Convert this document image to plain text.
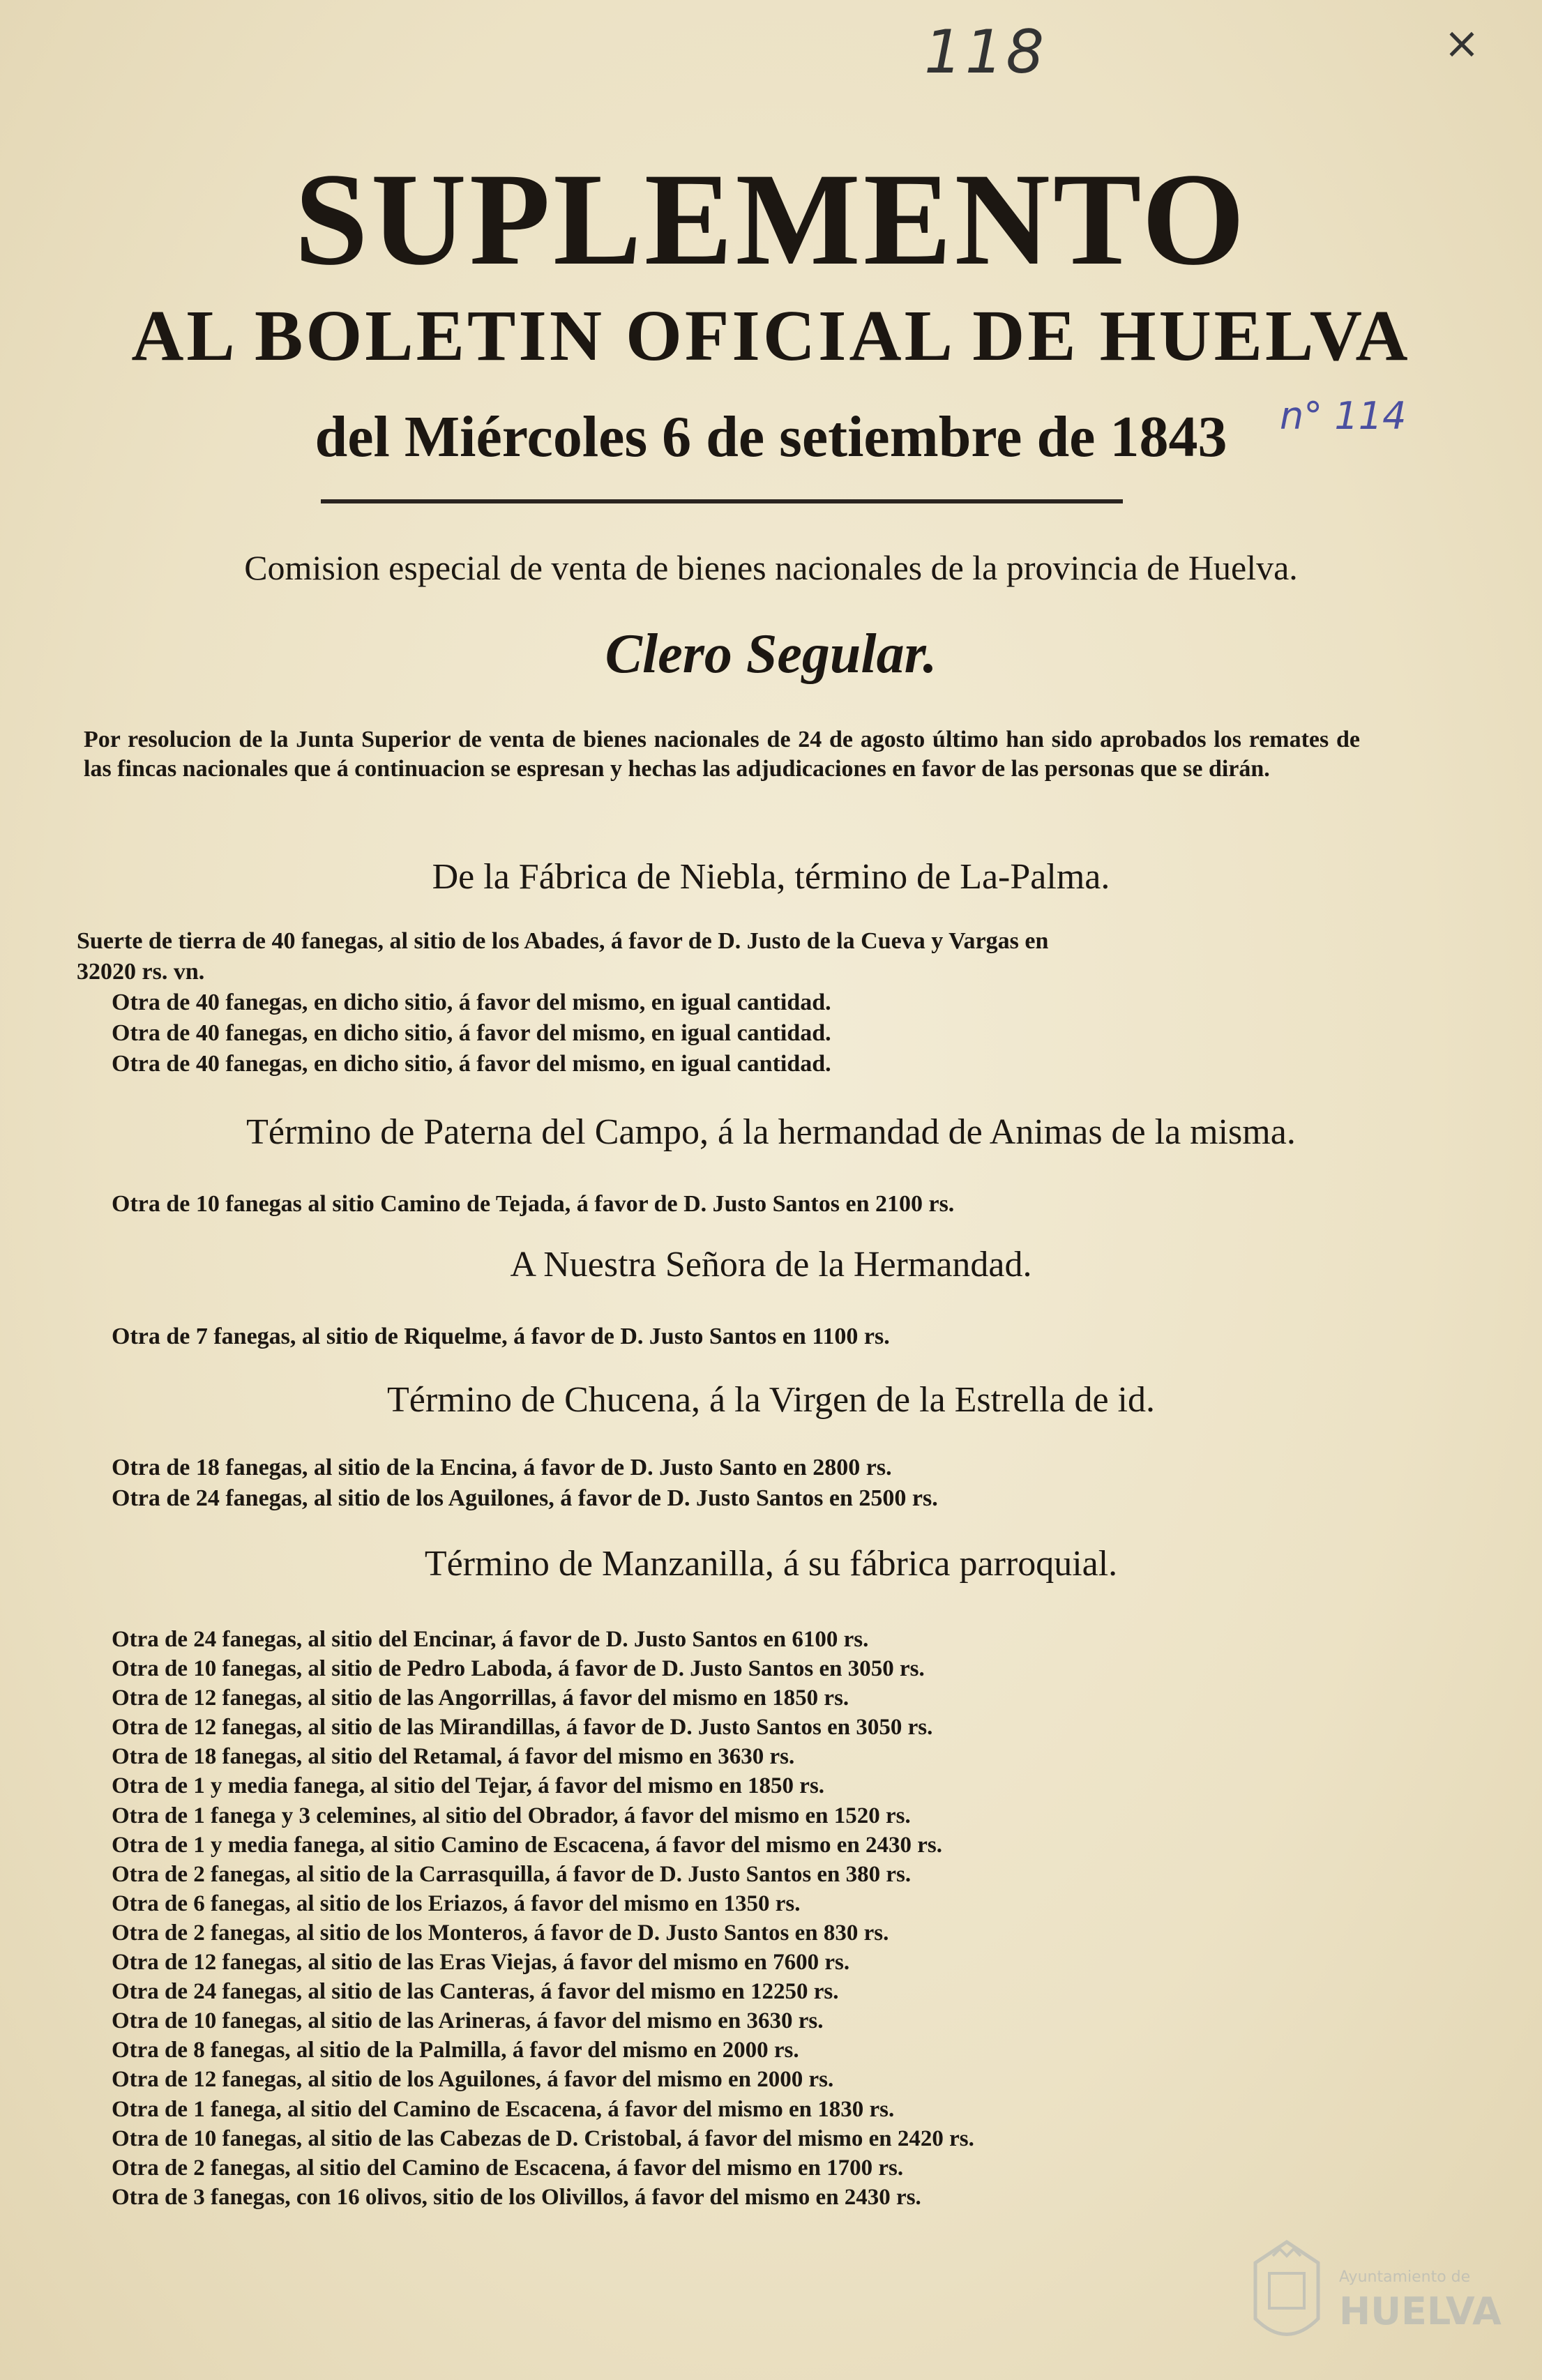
118	×
n° 114
SUPLEMENTO
AL BOLETIN OFICIAL DE HUELVA
del Miércoles 6 de setiembre de 1843
Comision especial de venta de bienes nacionales de la provincia de Huelva.
Clero Segular.
Por resolucion de la Junta Superior de venta de bienes nacionales de 24 de agosto último han sido aprobados los remates de las fincas nacionales que á continuacion se espresan y hechas las adjudicaciones en favor de las personas que se dirán.
De la Fábrica de Niebla, término de La-Palma.

Suerte de tierra de 40 fanegas, al sitio de los Abades, á favor de D. Justo de la Cueva y Vargas en

32020 rs. vn.

Otra de 40 fanegas, en dicho sitio, á favor del mismo, en igual cantidad.

Otra de 40 fanegas, en dicho sitio, á favor del mismo, en igual cantidad.

Otra de 40 fanegas, en dicho sitio, á favor del mismo, en igual cantidad.

Término de Paterna del Campo, á la hermandad de Animas de la misma.

Otra de 10 fanegas al sitio Camino de Tejada, á favor de D. Justo Santos en 2100 rs.

A Nuestra Señora de la Hermandad.

Otra de 7 fanegas, al sitio de Riquelme, á favor de D. Justo Santos en 1100 rs.

Término de Chucena, á la Virgen de la Estrella de id.

Otra de 18 fanegas, al sitio de la Encina, á favor de D. Justo Santo en 2800 rs.

Otra de 24 fanegas, al sitio de los Aguilones, á favor de D. Justo Santos en 2500 rs.

Término de Manzanilla, á su fábrica parroquial.

Otra de 24 fanegas, al sitio del Encinar, á favor de D. Justo Santos en 6100 rs.

Otra de 10 fanegas, al sitio de Pedro Laboda, á favor de D. Justo Santos en 3050 rs.

Otra de 12 fanegas, al sitio de las Angorrillas, á favor del mismo en 1850 rs.

Otra de 12 fanegas, al sitio de las Mirandillas, á favor de D. Justo Santos en 3050 rs.

Otra de 18 fanegas, al sitio del Retamal, á favor del mismo en 3630 rs.

Otra de 1 y media fanega, al sitio del Tejar, á favor del mismo en 1850 rs.

Otra de 1 fanega y 3 celemines, al sitio del Obrador, á favor del mismo en 1520 rs.

Otra de 1 y media fanega, al sitio Camino de Escacena, á favor del mismo en 2430 rs.

Otra de 2 fanegas, al sitio de la Carrasquilla, á favor de D. Justo Santos en 380 rs.

Otra de 6 fanegas, al sitio de los Eriazos, á favor del mismo en 1350 rs.

Otra de 2 fanegas, al sitio de los Monteros, á favor de D. Justo Santos en 830 rs.

Otra de 12 fanegas, al sitio de las Eras Viejas, á favor del mismo en 7600 rs.

Otra de 24 fanegas, al sitio de las Canteras, á favor del mismo en 12250 rs.

Otra de 10 fanegas, al sitio de las Arineras, á favor del mismo en 3630 rs.

Otra de 8 fanegas, al sitio de la Palmilla, á favor del mismo en 2000 rs.

Otra de 12 fanegas, al sitio de los Aguilones, á favor del mismo en 2000 rs.

Otra de 1 fanega, al sitio del Camino de Escacena, á favor del mismo en 1830 rs.

Otra de 10 fanegas, al sitio de las Cabezas de D. Cristobal, á favor del mismo en 2420 rs.

Otra de 2 fanegas, al sitio del Camino de Escacena, á favor del mismo en 1700 rs.

Otra de 3 fanegas, con 16 olivos, sitio de los Olivillos, á favor del mismo en 2430 rs.

Ayuntamiento de
HUELVA
